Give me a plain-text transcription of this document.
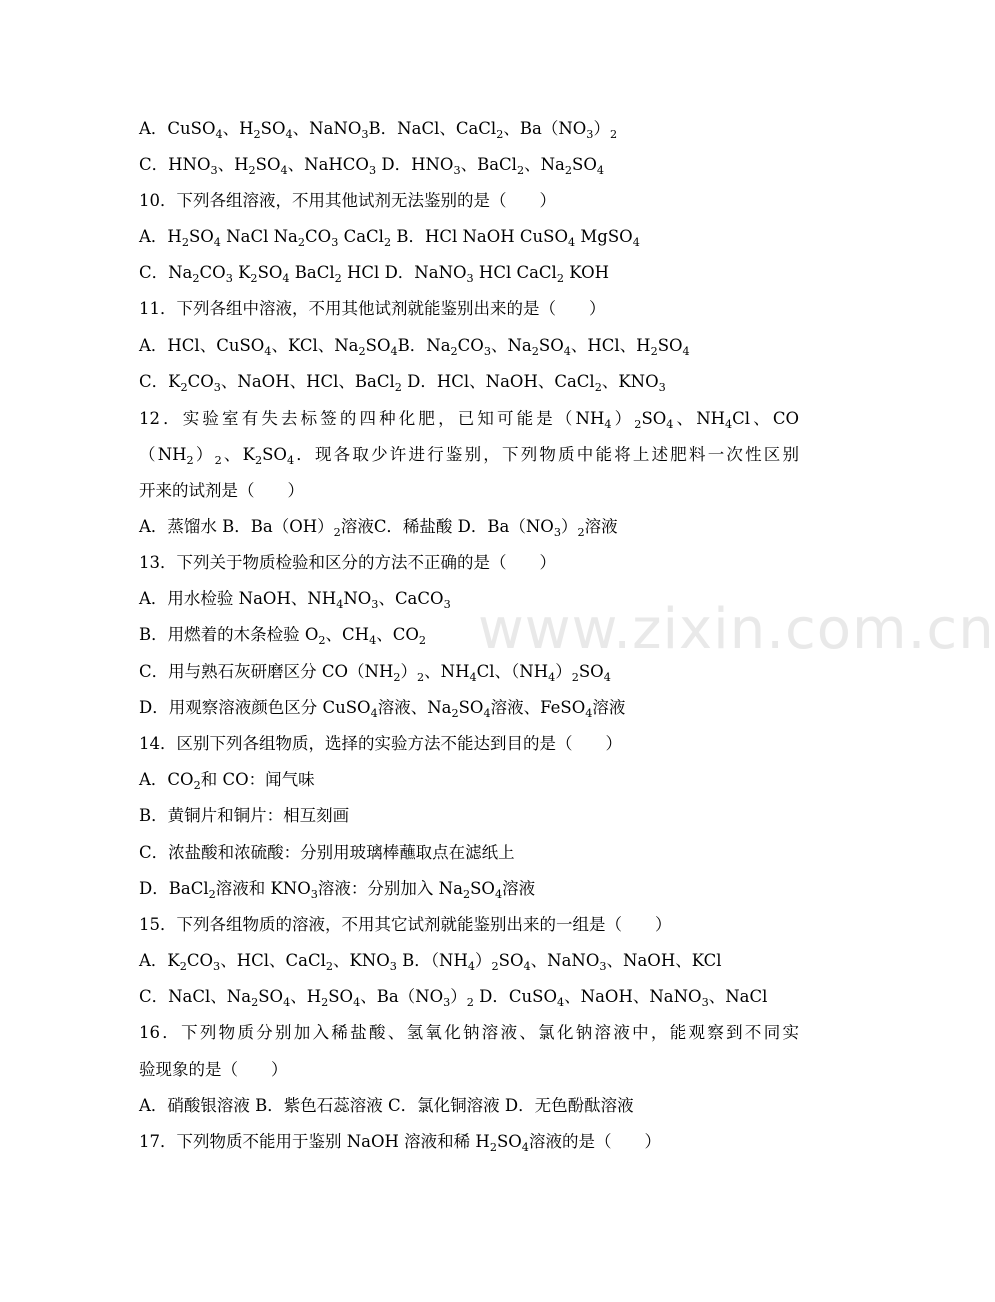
www.zixin.com.cn
A．CuSO$_4$、$H_2SO_4$、NaNO$_3$B．NaCl、CaCl$_2$、$Ba(NO_3)_2$
C．$HNO_3$、$H_2SO_4$、NaHCO$_3$ D．$HNO_3$、BaCl$_2$、$Na_2SO_4$
10．下列各组溶液，不用其他试剂无法鉴别的是（　　）
A．$H_2SO_4$ NaCl $Na_2CO_3$ CaCl$_2$ B．HCl NaOH CuSO$_4$ MgSO$_4$
C．$Na_2CO_3$ $K_2SO_4$ BaCl$_2$ HCl D．NaNO$_3$ HCl CaCl$_2$ KOH
11．下列各组中溶液，不用其他试剂就能鉴别出来的是（　　）
A．HCl、CuSO$_4$、KCl、$Na_2SO_4B$．$Na_2CO_3$、$Na_2SO_4$、HCl、$H_2SO_4$
C．$K_2CO_3$、NaOH、HCl、BaCl$_2$ D．HCl、NaOH、CaCl$_2$、$KNO_3$
12．实验室有失去标签的四种化肥，已知可能是$(NH_4)_2SO_4$、$NH_4Cl$、CO
$(NH_2)_2$、$K_2SO_4$．现各取少许进行鉴别，下列物质中能将上述肥料一次性区别
开来的试剂是（　　）
A．蒸馏水 B．$Ba(OH)_2$溶液C．稀盐酸 D．$Ba(NO_3)_2$溶液
13．下列关于物质检验和区分的方法不正确的是（　　）
A．用水检验 NaOH、$NH_4NO_3$、CaCO$_3$
B．用燃着的木条检验 $O_2$、$CH_4$、$CO_2$
C．用与熟石灰研磨区分 $CO(NH_2)_2$、$NH_4Cl$、$(NH_4)_2SO_4$
D．用观察溶液颜色区分 CuSO$_4$溶液、$Na_2SO_4$溶液、FeSO$_4$溶液
14．区别下列各组物质，选择的实验方法不能达到目的是（　　）
A．$CO_2$和 CO：闻气味
B．黄铜片和铜片：相互刻画
C．浓盐酸和浓硫酸：分别用玻璃棒蘸取点在滤纸上
D．BaCl$_2$溶液和 $KNO_3$溶液：分别加入 $Na_2SO_4$溶液
15．下列各组物质的溶液，不用其它试剂就能鉴别出来的一组是（　　）
A．$K_2CO_3$、HCl、CaCl$_2$、$KNO_3$ B．$(NH_4)_2SO_4$、NaNO$_3$、NaOH、KCl
C．NaCl、$Na_2SO_4$、$H_2SO_4$、$Ba(NO_3)_2$ D．CuSO$_4$、NaOH、NaNO$_3$、NaCl
16．下列物质分别加入稀盐酸、氢氧化钠溶液、氯化钠溶液中，能观察到不同实
验现象的是（　　）
A．硝酸银溶液 B．紫色石蕊溶液 C．氯化铜溶液 D．无色酚酞溶液
17．下列物质不能用于鉴别 NaOH 溶液和稀 $H_2SO_4$溶液的是（　　）
